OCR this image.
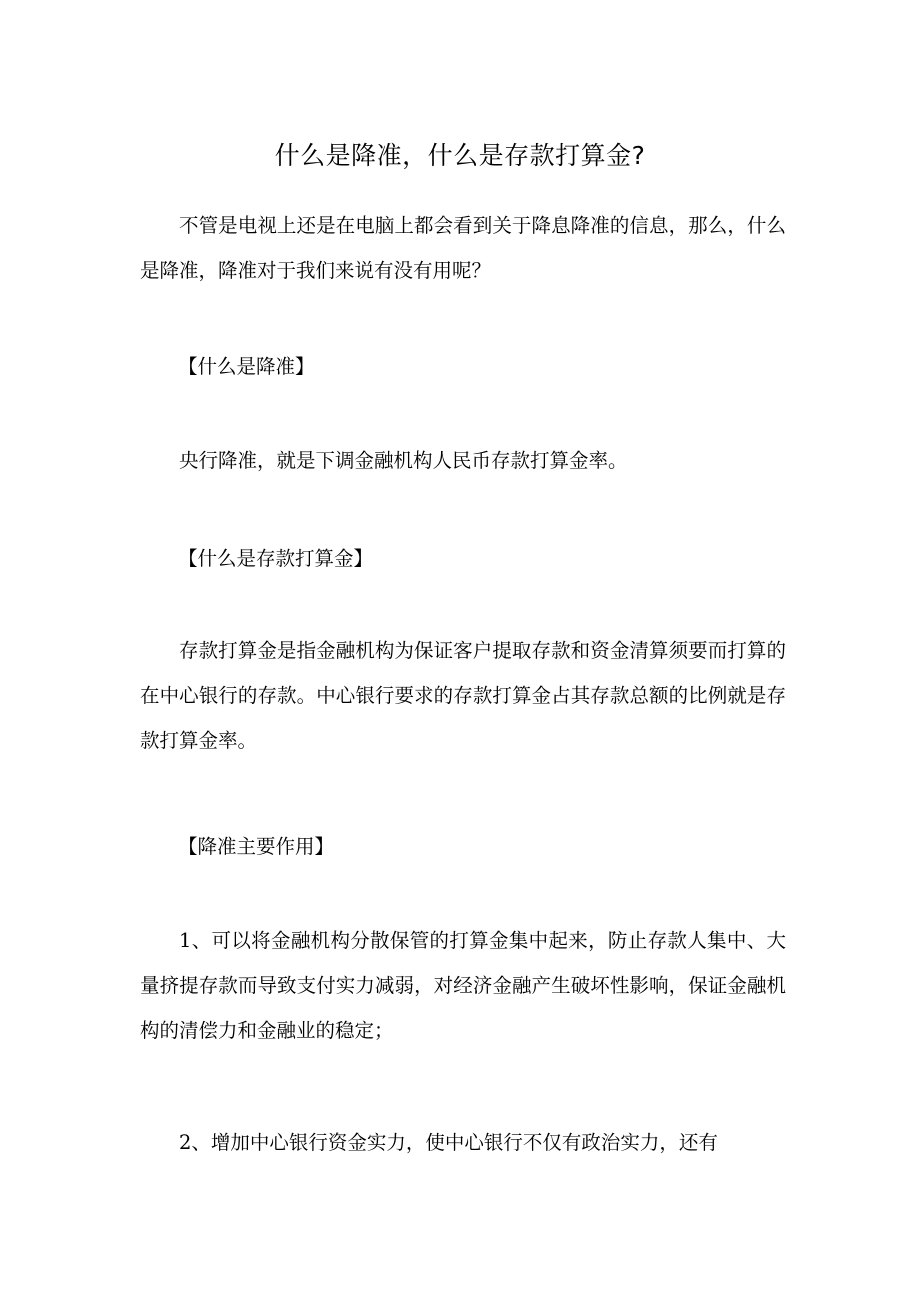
什么是降准，什么是存款打算金?

不管是电视上还是在电脑上都会看到关于降息降准的信息，那么，什么是降准，降准对于我们来说有没有用呢？

【什么是降准】

央行降准，就是下调金融机构人民币存款打算金率。

【什么是存款打算金】

存款打算金是指金融机构为保证客户提取存款和资金清算须要而打算的在中心银行的存款。中心银行要求的存款打算金占其存款总额的比例就是存款打算金率。

【降准主要作用】

1、可以将金融机构分散保管的打算金集中起来，防止存款人集中、大量挤提存款而导致支付实力减弱，对经济金融产生破坏性影响，保证金融机构的清偿力和金融业的稳定；

2、增加中心银行资金实力，使中心银行不仅有政治实力，还有
